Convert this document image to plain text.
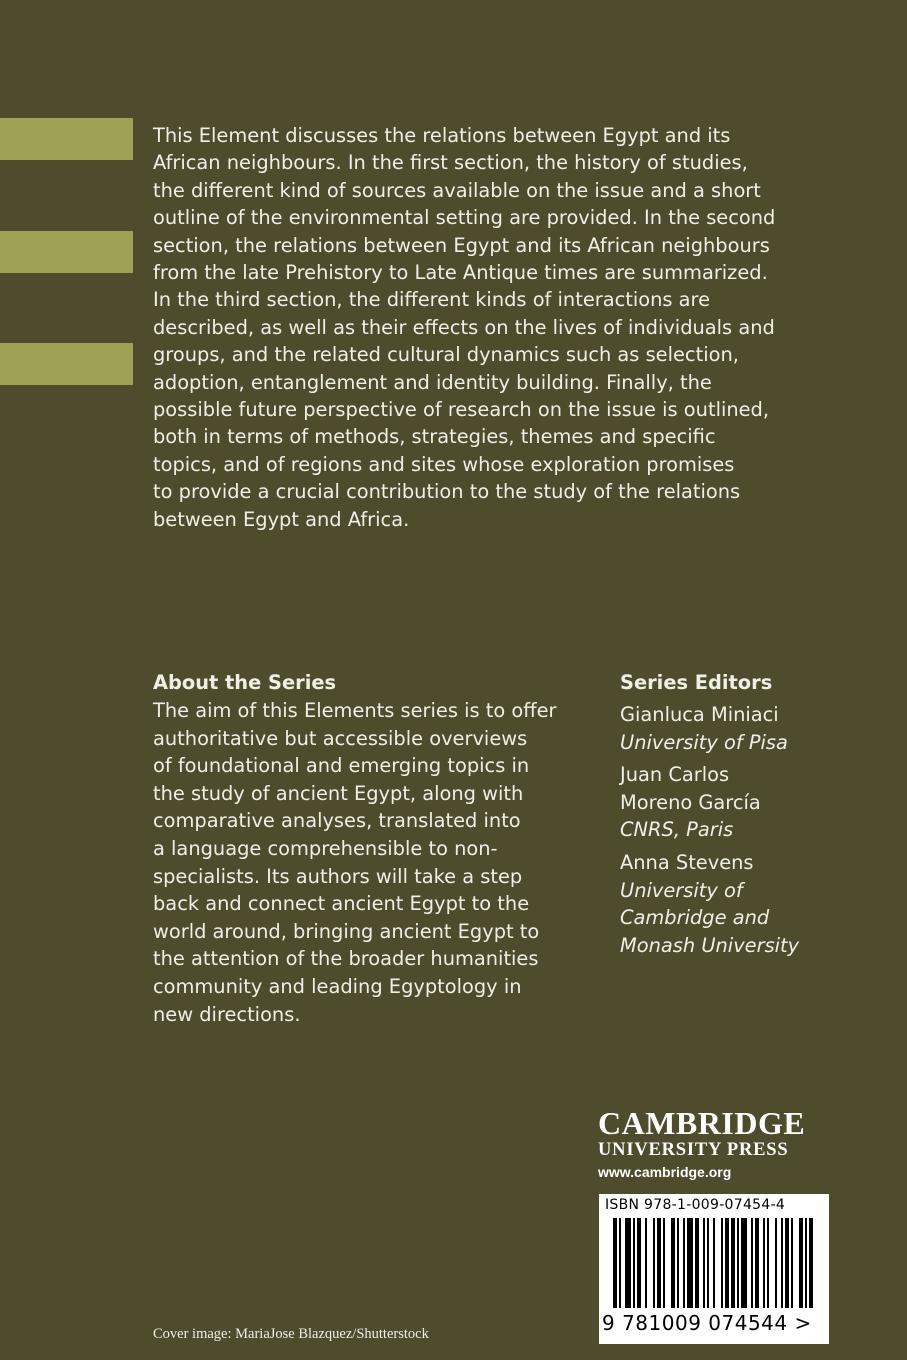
This Element discusses the relations between Egypt and its
African neighbours. In the first section, the history of studies,
the different kind of sources available on the issue and a short
outline of the environmental setting are provided. In the second
section, the relations between Egypt and its African neighbours
from the late Prehistory to Late Antique times are summarized.
In the third section, the different kinds of interactions are
described, as well as their effects on the lives of individuals and
groups, and the related cultural dynamics such as selection,
adoption, entanglement and identity building. Finally, the
possible future perspective of research on the issue is outlined,
both in terms of methods, strategies, themes and specific
topics, and of regions and sites whose exploration promises
to provide a crucial contribution to the study of the relations
between Egypt and Africa.
About the Series
The aim of this Elements series is to offer
authoritative but accessible overviews
of foundational and emerging topics in
the study of ancient Egypt, along with
comparative analyses, translated into
a language comprehensible to non-
specialists. Its authors will take a step
back and connect ancient Egypt to the
world around, bringing ancient Egypt to
the attention of the broader humanities
community and leading Egyptology in
new directions.
Series Editors
Gianluca Miniaci
University of Pisa
Juan Carlos
Moreno García
CNRS, Paris
Anna Stevens
University of
Cambridge and
Monash University
CAMBRIDGE
UNIVERSITY PRESS
www.cambridge.org
ISBN 978-1-009-07454-4
9 781009 074544 >
Cover image: MariaJose Blazquez/Shutterstock
